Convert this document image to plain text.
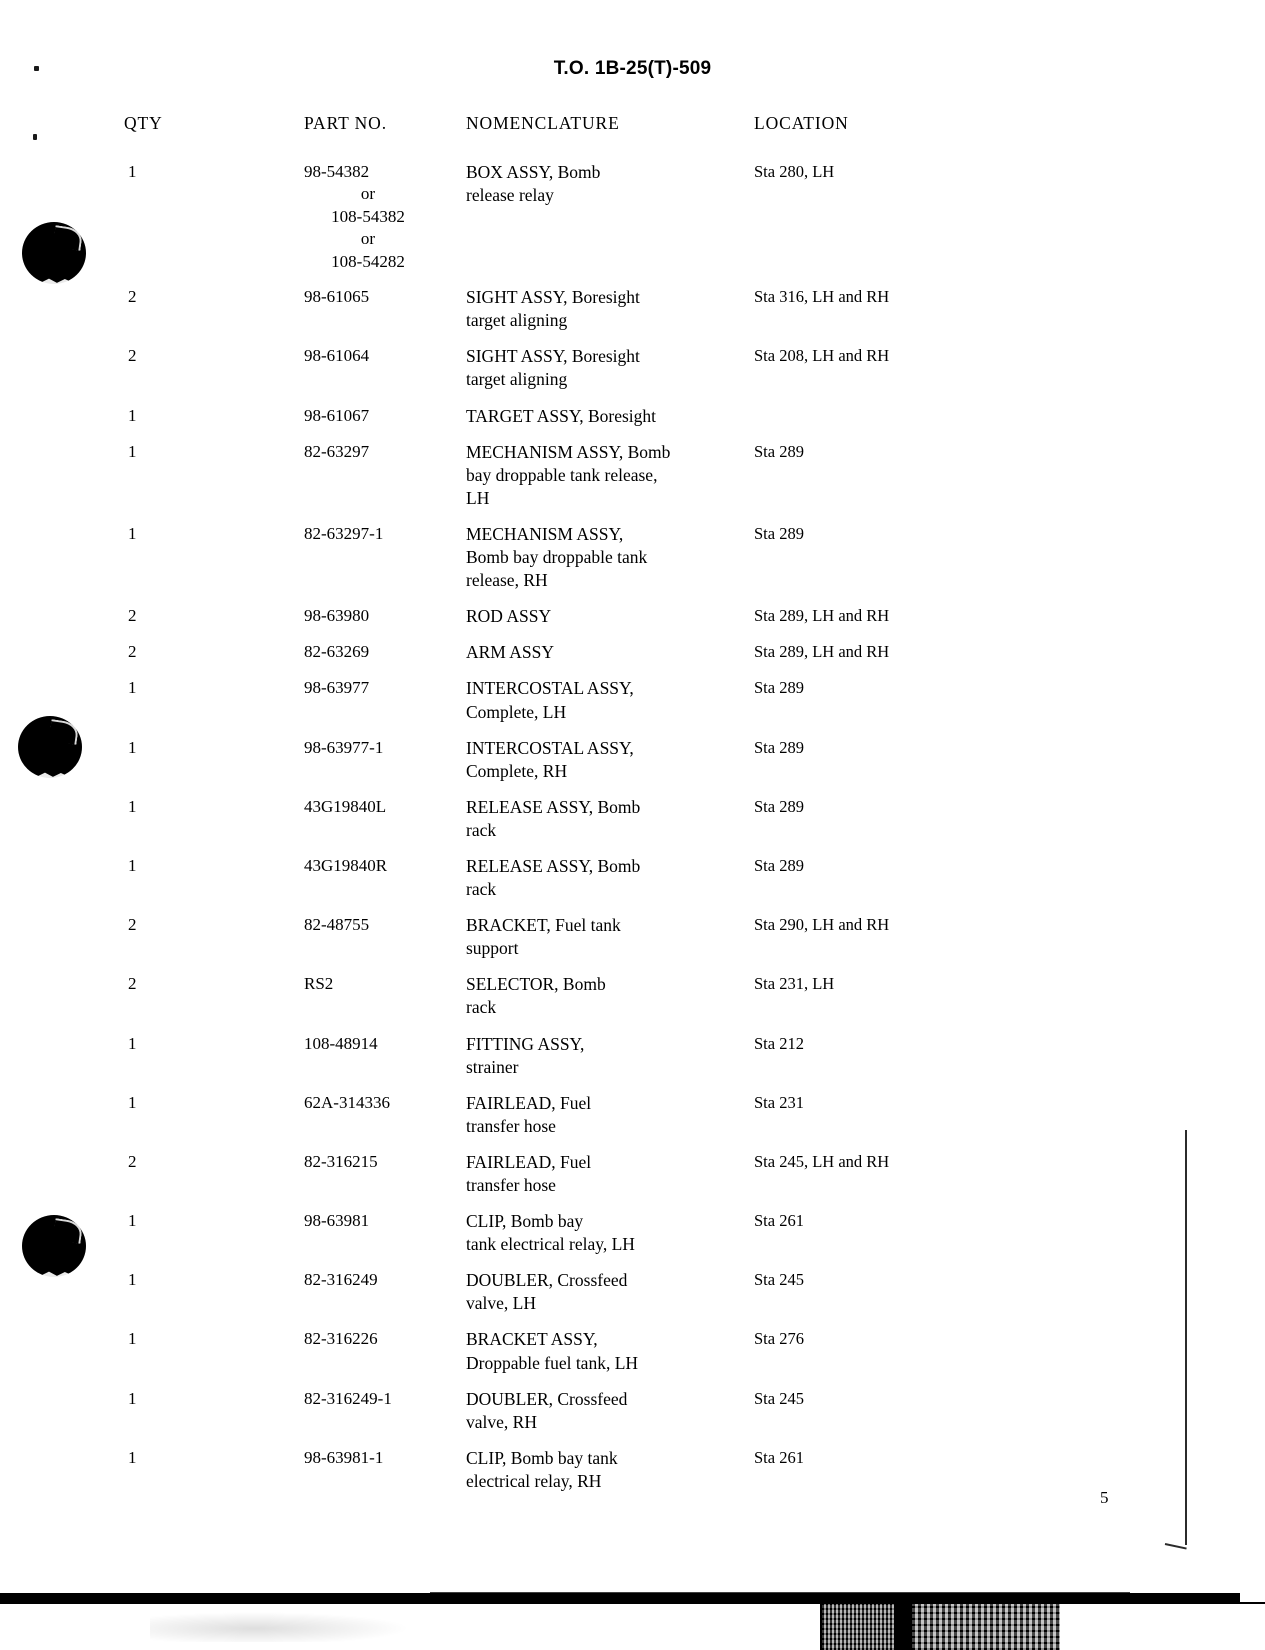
T.O. 1B-25(T)-509
QTY	PART NO.	NOMENCLATURE	LOCATION
1	98-54382
or
108-54382
or
108-54282	BOX ASSY, Bomb
release relay	Sta 280, LH
2	98-61065	SIGHT ASSY, Boresight
target aligning	Sta 316, LH and RH
2	98-61064	SIGHT ASSY, Boresight
target aligning	Sta 208, LH and RH
1	98-61067	TARGET ASSY, Boresight	

1	82-63297	MECHANISM ASSY, Bomb
bay droppable tank release,
LH	Sta 289
1	82-63297-1	MECHANISM ASSY,
Bomb bay droppable tank
release, RH	Sta 289
2	98-63980	ROD ASSY	Sta 289, LH and RH
2	82-63269	ARM ASSY	Sta 289, LH and RH
1	98-63977	INTERCOSTAL ASSY,
Complete, LH	Sta 289
1	98-63977-1	INTERCOSTAL ASSY,
Complete, RH	Sta 289
1	43G19840L	RELEASE ASSY, Bomb
rack	Sta 289
1	43G19840R	RELEASE ASSY, Bomb
rack	Sta 289
2	82-48755	BRACKET, Fuel tank
support	Sta 290, LH and RH
2	RS2	SELECTOR, Bomb
rack	Sta 231, LH
1	108-48914	FITTING ASSY,
strainer	Sta 212
1	62A-314336	FAIRLEAD, Fuel
transfer hose	Sta 231
2	82-316215	FAIRLEAD, Fuel
transfer hose	Sta 245, LH and RH
1	98-63981	CLIP, Bomb bay
tank electrical relay, LH	Sta 261
1	82-316249	DOUBLER, Crossfeed
valve, LH	Sta 245
1	82-316226	BRACKET ASSY,
Droppable fuel tank, LH	Sta 276
1	82-316249-1	DOUBLER, Crossfeed
valve, RH	Sta 245
1	98-63981-1	CLIP, Bomb bay tank
electrical relay, RH	Sta 261
5
